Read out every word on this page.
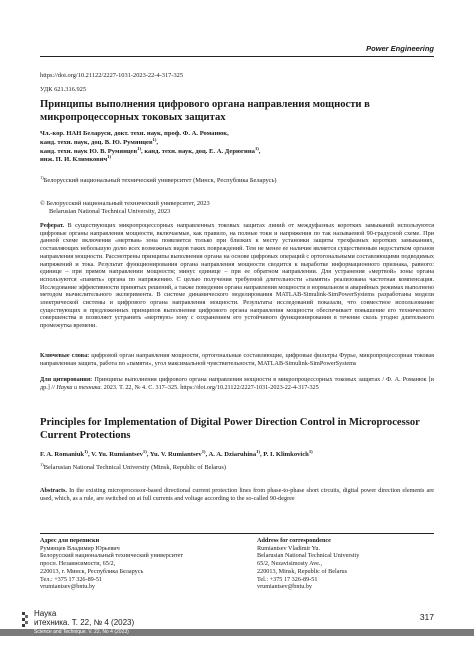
Power Engineering
https://doi.org/10.21122/2227-1031-2023-22-4-317-325
УДК 621.316.925
Принципы выполнения цифрового органа направления мощности в микропроцессорных токовых защитах
Чл.-кор. НАН Беларуси, докт. техн. наук, проф. Ф. А. Романюк,
канд. техн. наук, доц. В. Ю. Румянцев$^{1)}$,
канд. техн. наук Ю. В. Румянцев$^{1)}$, канд. техн. наук, доц. Е. А. Дерюгина$^{1)}$,
инж. П. И. Климкович$^{1)}$
$^{1)}$Белорусский национальный технический университет (Минск, Республика Беларусь)
© Белорусский национальный технический университет, 2023
Belarusian National Technical University, 2023
Реферат. В существующих микропроцессорных направленных токовых защитах линий от междуфазных коротких замыканий используются цифровые органы направления мощности, включаемые, как правило, на полные токи и напряжения по так называемой 90-градусной схеме. При данной схеме включения «мертвая» зона появляется только при близких к месту установки защиты трехфазных коротких замыканиях, составляющих небольшую долю всех возможных видов таких повреждений. Тем не менее ее наличие является существенным недостатком органов направления мощности. Рассмотрены принципы выполнения органа на основе цифровых операций с ортогональными составляющими подводимых напряжений и тока. Результат функционирования органа направления мощности сводится к выработке информационного признака, равного: единице – при прямом направлении мощности; минус единице – при ее обратном направлении. Для устранения «мертвой» зоны органа используются «память» органа по напряжению. С целью получения требуемой длительности «памяти» реализована частотная компенсация. Исследование эффективности принятых решений, а также поведения органа направления мощности в нормальном и аварийных режимах выполнено методом вычислительного эксперимента. В системе динамического моделирования MATLAB-Simulink-SimPowerSystems разработаны модели электрической системы и цифрового органа направления мощности. Результаты исследований показали, что совместное использование существующих и предложенных принципов выполнения цифрового органа направления мощности обеспечивает повышение его технического совершенства и позволяет устранить «мертвую» зону с сохранением его устойчивого функционирования в течение сколь угодно длительного промежутка времени.
Ключевые слова: цифровой орган направления мощности, ортогональные составляющие, цифровые фильтры Фурье, микропроцессорная токовая направленная защита, работа по «памяти», угол максимальной чувствительности, MATLAB-Simulink-SimPowerSystems
Для цитирования: Принципы выполнения цифрового органа направления мощности в микропроцессорных токовых защитах / Ф. А. Романюк [и др.] // Наука и техника. 2023. Т. 22, № 4. С. 317–325. https://doi.org/10.21122/2227-1031-2023-22-4-317-325
Principles for Implementation of Digital Power Direction Control in Microprocessor Current Protections
F. A. Romaniuk$^{1)}$, V. Yu. Rumiantsev$^{1)}$, Yu. V. Rumiantsev$^{1)}$, A. A. Dziaruhina$^{1)}$, P. I. Klimkovich$^{1)}$
$^{1)}$Belarusian National Technical University (Minsk, Republic of Belarus)
Abstracts. In the existing microprocessor-based directional current protection lines from phase-to-phase short circuits, digital power direction elements are used, which, as a rule, are switched on at full currents and voltage according to the so-called 90-degree
Адрес для переписки
Румянцев Владимир Юрьевич
Белорусский национальный технический университет
просп. Независимости, 65/2,
220013, г. Минск, Республика Беларусь
Тел.: +375 17 326-89-51
vrumiantsev@bntu.by
Address for correspondence
Rumiantsev Vladimir Yu.
Belarusian National Technical University
65/2, Nezavisimosty Ave.,
220013, Minsk, Republic of Belarus
Tel.: +375 17 326-89-51
vrumiantsev@bntu.by
Наука
итехника. Т. 22, № 4 (2023)	317
Science and Technique. V. 22, No 4 (2023)
